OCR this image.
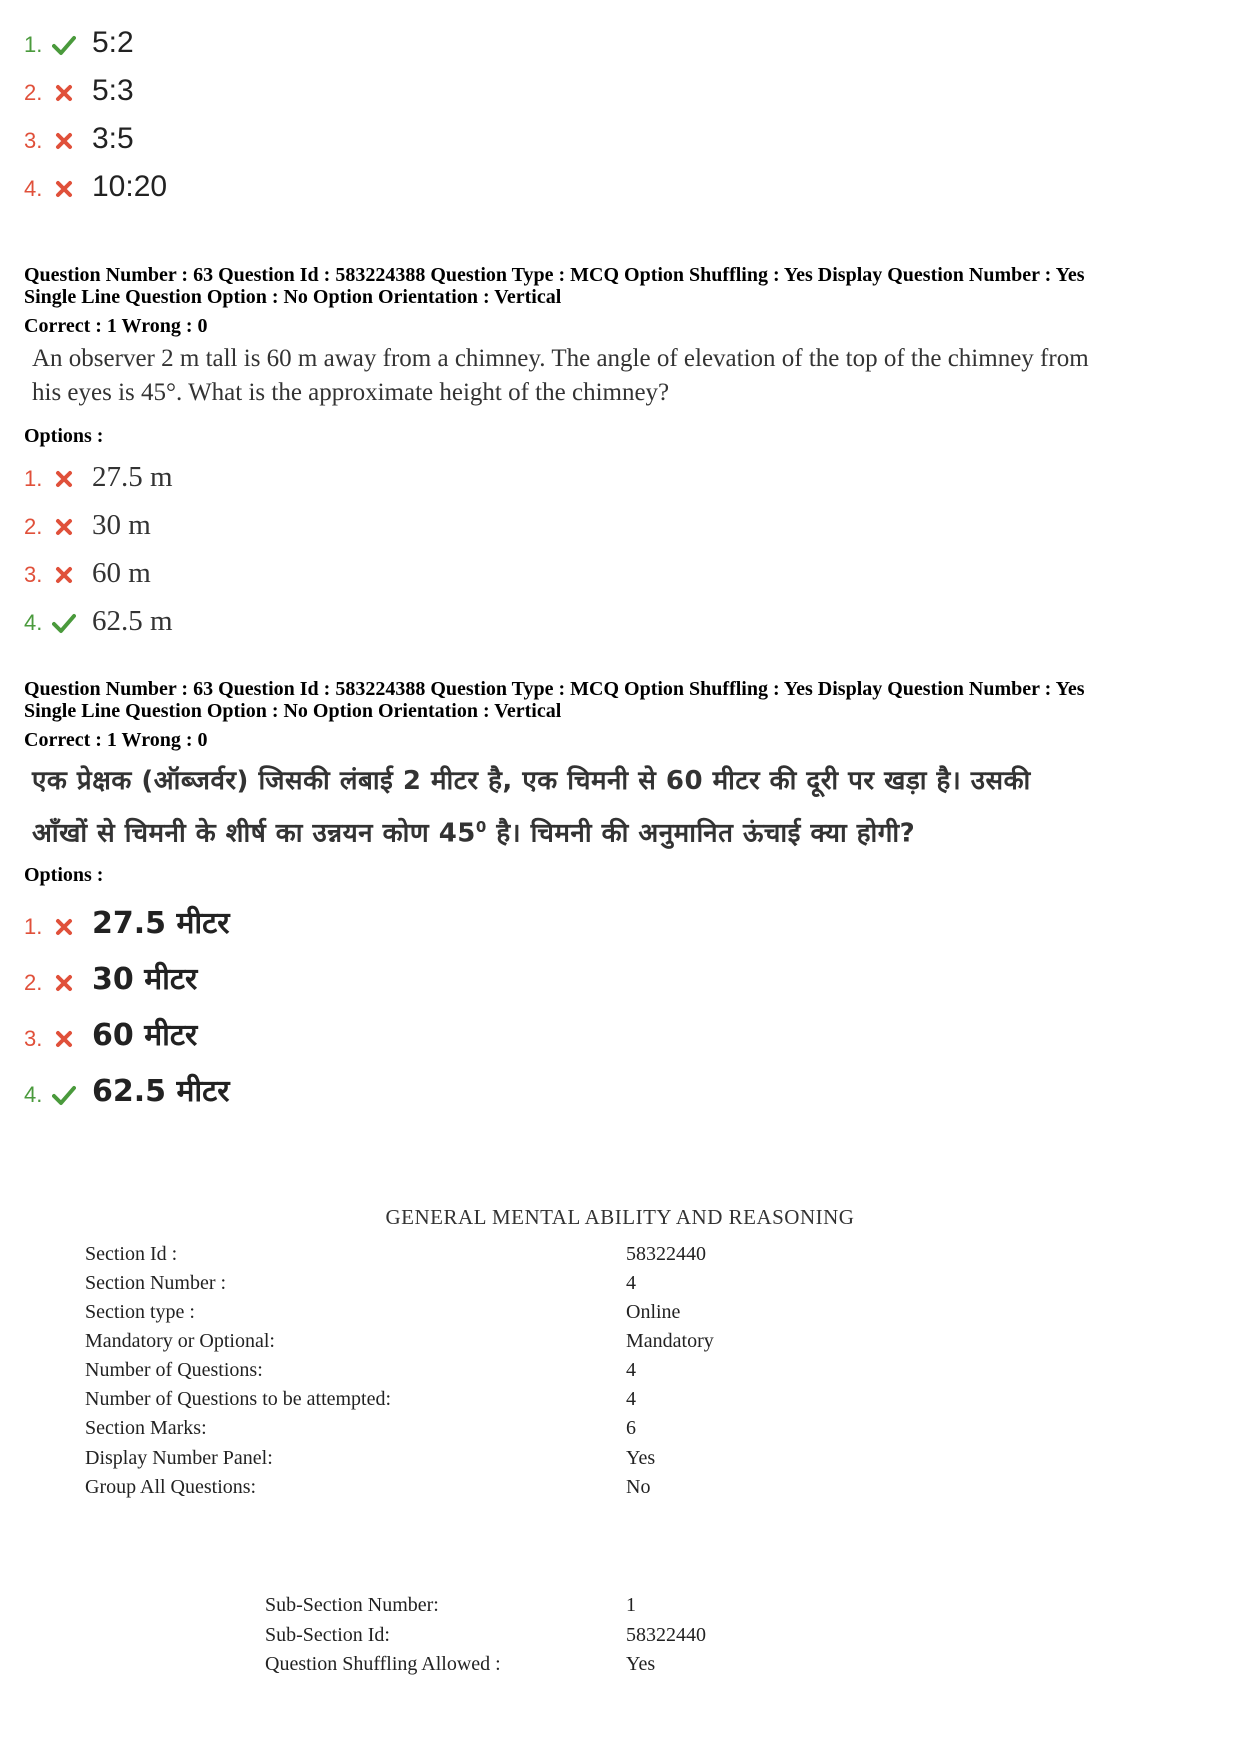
1. 5:2
2. 5:3
3. 3:5
4. 10:20
Question Number : 63 Question Id : 583224388 Question Type : MCQ Option Shuffling : Yes Display Question Number : Yes
Single Line Question Option : No Option Orientation : Vertical
Correct : 1 Wrong : 0
An observer 2 m tall is 60 m away from a chimney. The angle of elevation of the top of the chimney from
his eyes is 45°. What is the approximate height of the chimney?
Options :
1. 27.5 m
2. 30 m
3. 60 m
4. 62.5 m
Question Number : 63 Question Id : 583224388 Question Type : MCQ Option Shuffling : Yes Display Question Number : Yes
Single Line Question Option : No Option Orientation : Vertical
Correct : 1 Wrong : 0
एक प्रेक्षक (ऑब्जर्वर) जिसकी लंबाई 2 मीटर है, एक चिमनी से 60 मीटर की दूरी पर खड़ा है। उसकी
आँखों से चिमनी के शीर्ष का उन्नयन कोण $45^0$ है। चिमनी की अनुमानित ऊंचाई क्या होगी?
Options :
1. 27.5 मीटर
2. 30 मीटर
3. 60 मीटर
4. 62.5 मीटर
GENERAL MENTAL ABILITY AND REASONING
Section Id :	58322440
Section Number :	4
Section type :	Online
Mandatory or Optional:	Mandatory
Number of Questions:	4
Number of Questions to be attempted:	4
Section Marks:	6
Display Number Panel:	Yes
Group All Questions:	No
Sub-Section Number:	1
Sub-Section Id:	58322440
Question Shuffling Allowed :	Yes
